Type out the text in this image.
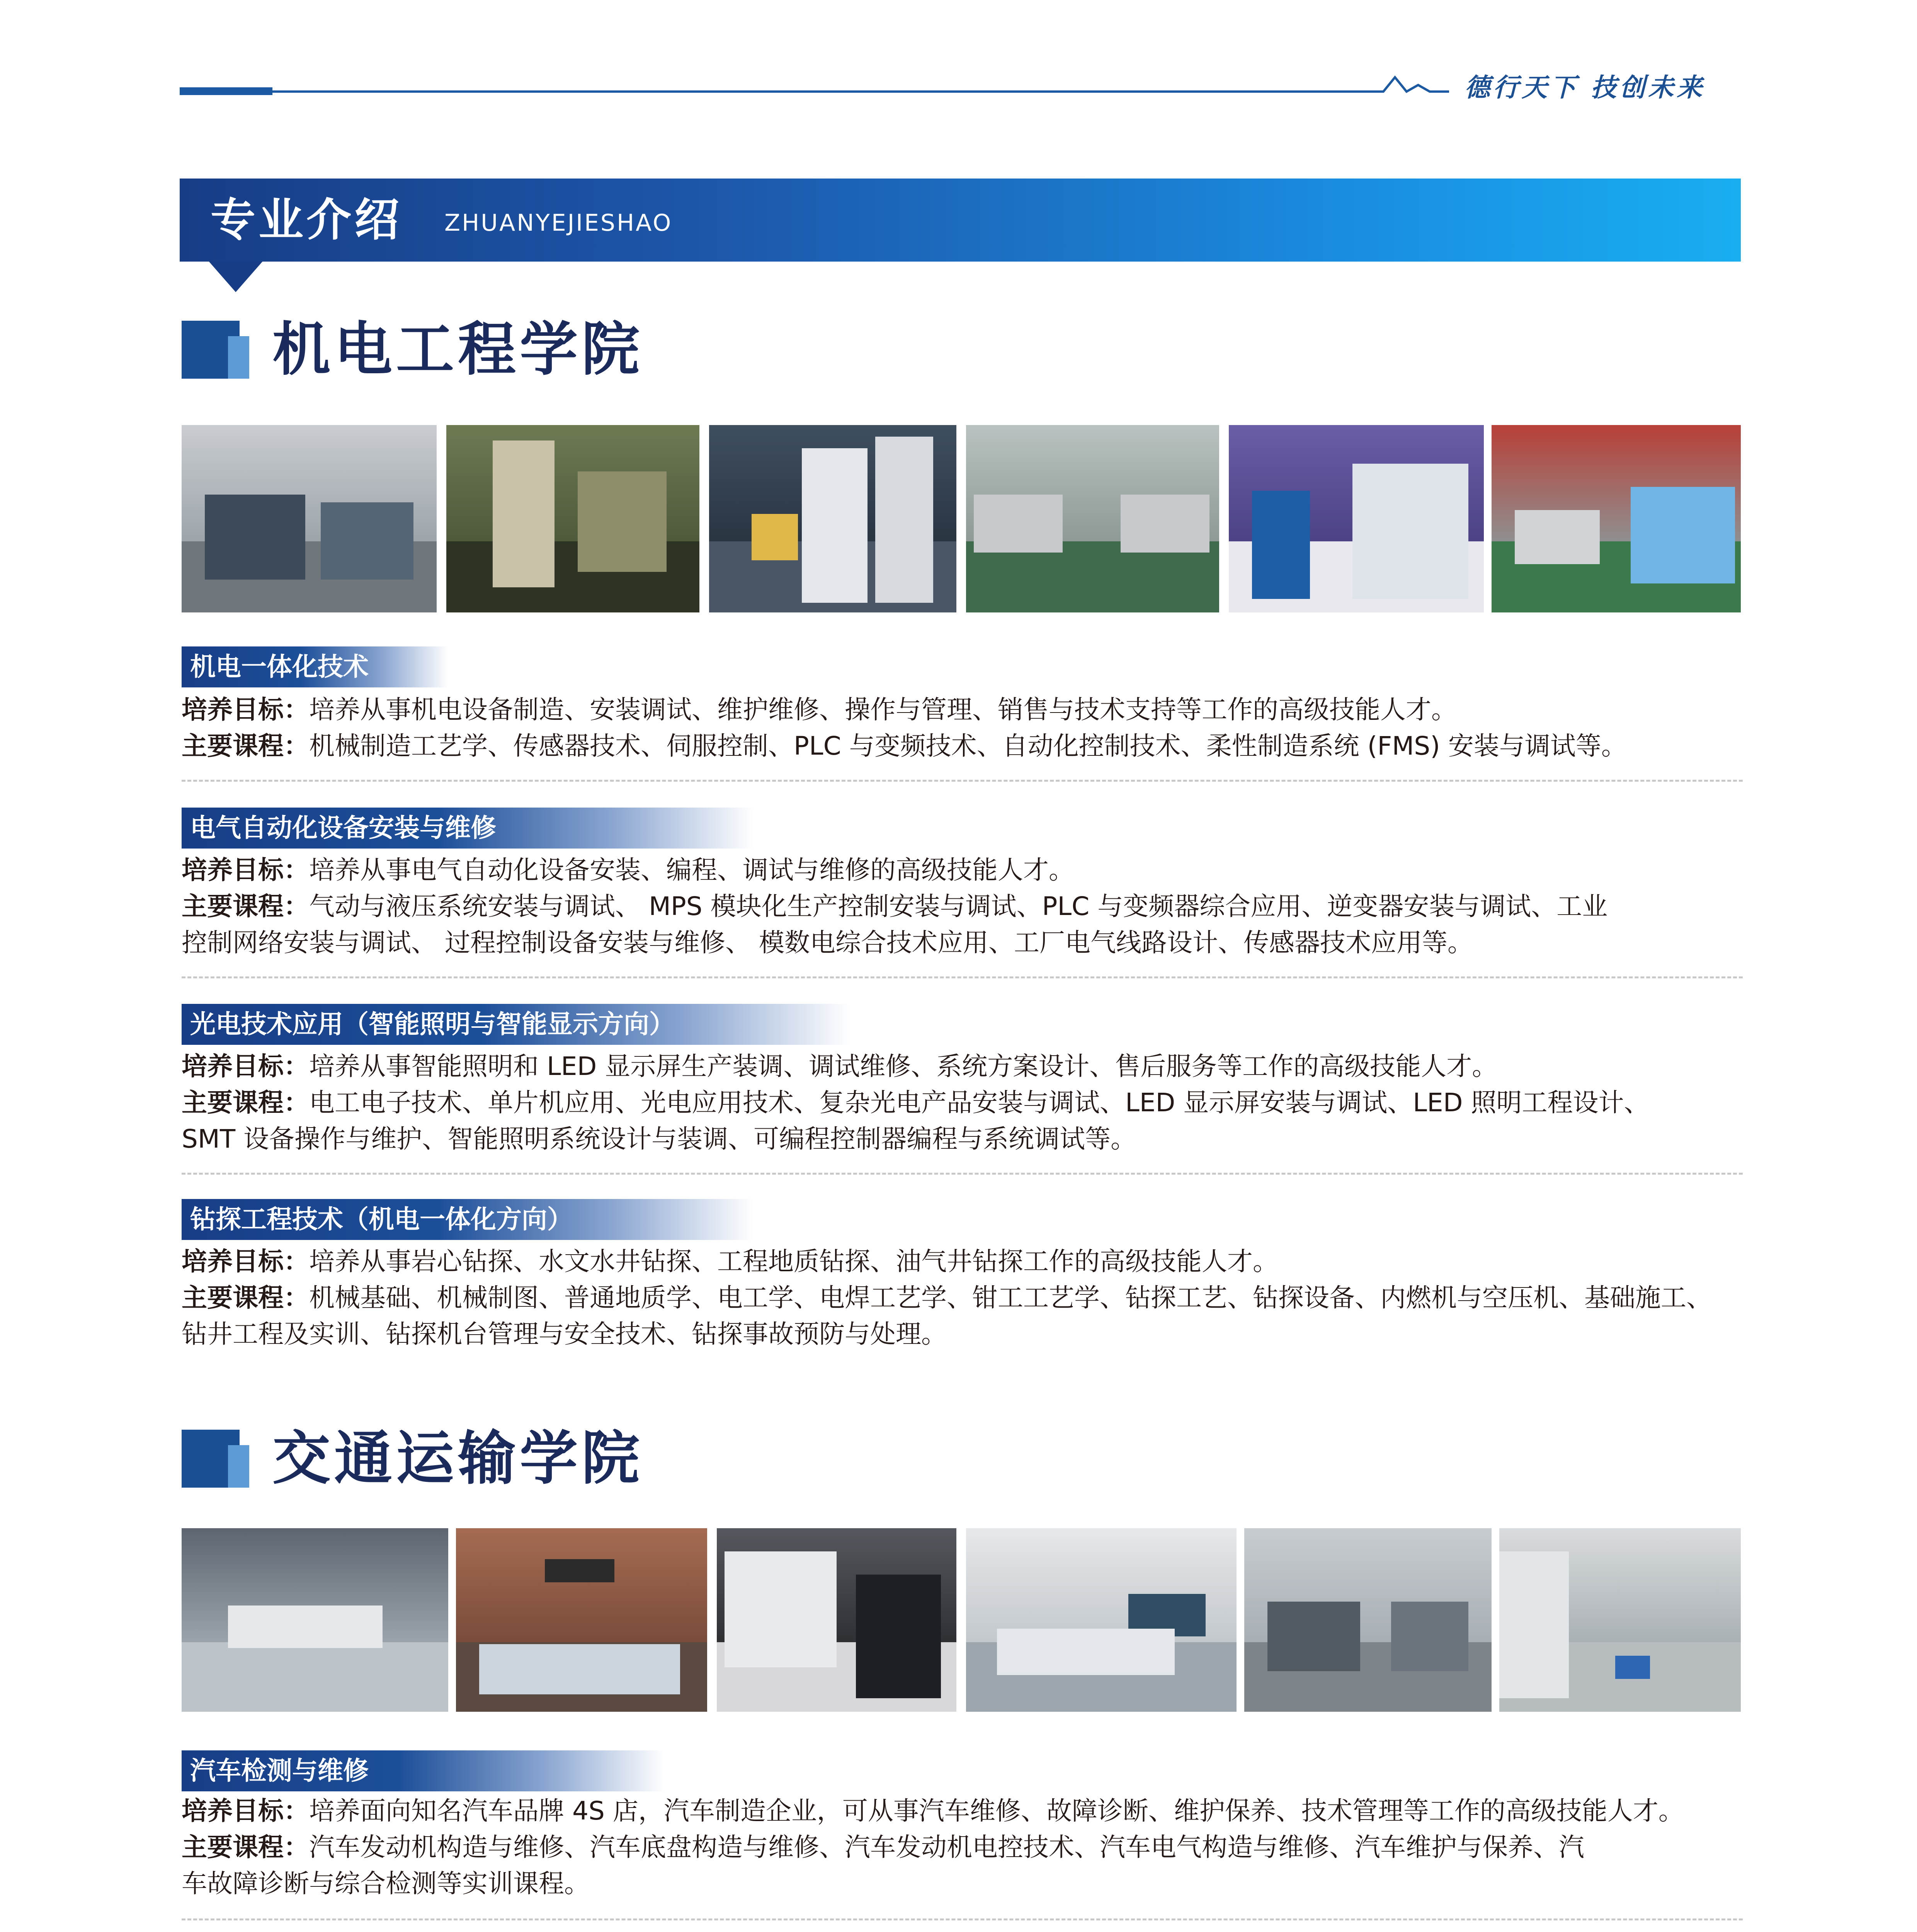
德行天下 技创未来
专业介绍 ZHUANYEJIESHAO
机电工程学院
机电一体化技术
培养目标：培养从事机电设备制造、安装调试、维护维修、操作与管理、销售与技术支持等工作的高级技能人才。
主要课程：机械制造工艺学、传感器技术、伺服控制、PLC 与变频技术、自动化控制技术、柔性制造系统 (FMS) 安装与调试等。
电气自动化设备安装与维修
培养目标：培养从事电气自动化设备安装、编程、调试与维修的高级技能人才。
主要课程：气动与液压系统安装与调试、 MPS 模块化生产控制安装与调试、PLC 与变频器综合应用、逆变器安装与调试、工业
控制网络安装与调试、 过程控制设备安装与维修、 模数电综合技术应用、工厂电气线路设计、传感器技术应用等。
光电技术应用（智能照明与智能显示方向）
培养目标：培养从事智能照明和 LED 显示屏生产装调、调试维修、系统方案设计、售后服务等工作的高级技能人才。
主要课程：电工电子技术、单片机应用、光电应用技术、复杂光电产品安装与调试、LED 显示屏安装与调试、LED 照明工程设计、
SMT 设备操作与维护、智能照明系统设计与装调、可编程控制器编程与系统调试等。
钻探工程技术（机电一体化方向）
培养目标：培养从事岩心钻探、水文水井钻探、工程地质钻探、油气井钻探工作的高级技能人才。
主要课程：机械基础、机械制图、普通地质学、电工学、电焊工艺学、钳工工艺学、钻探工艺、钻探设备、内燃机与空压机、基础施工、
钻井工程及实训、钻探机台管理与安全技术、钻探事故预防与处理。
交通运输学院
汽车检测与维修
培养目标：培养面向知名汽车品牌 4S 店，汽车制造企业，可从事汽车维修、故障诊断、维护保养、技术管理等工作的高级技能人才。
主要课程：汽车发动机构造与维修、汽车底盘构造与维修、汽车发动机电控技术、汽车电气构造与维修、汽车维护与保养、汽
车故障诊断与综合检测等实训课程。
